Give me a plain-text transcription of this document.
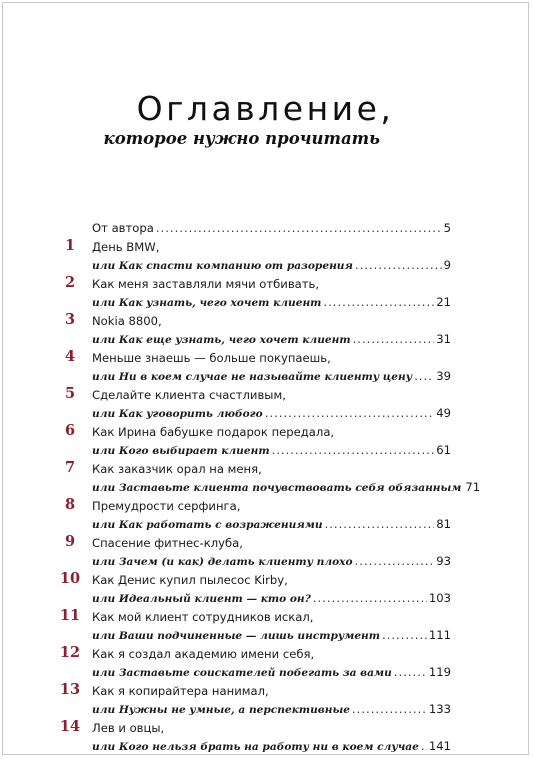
Оглавление,
которое нужно прочитать
От автора .....	5
1	День BMW,
или Как спасти компанию от разорения .....	9
2	Как меня заставляли мячи отбивать,
или Как узнать, чего хочет клиент .....	21
3	Nokia 8800,
или Как еще узнать, чего хочет клиент .....	31
4	Меньше знаешь — больше покупаешь,
или Ни в коем случае не называйте клиенту цену ..... 39
5	Сделайте клиента счастливым,
или Как уговорить любого .....	49
6	Как Ирина бабушке подарок передала,
или Кого выбирает клиент .....	61
7	Как заказчик орал на меня,
или Заставьте клиента почувствовать себя обязанным 71
8	Премудрости серфинга,
или Как работать с возражениями .....	81
9	Спасение фитнес-клуба,
или Зачем (и как) делать клиенту плохо .....	93
10	Как Денис купил пылесос Kirby,
или Идеальный клиент — кто он? .....	103
11	Как мой клиент сотрудников искал,
или Ваши подчиненные — лишь инструмент .....	111
12	Как я создал академию имени себя,
или Заставьте соискателей побегать за вами .....	119
13	Как я копирайтера нанимал,
или Нужны не умные, а перспективные .....	133
14	Лев и овцы,
или Кого нельзя брать на работу ни в коем случае ..... 141
